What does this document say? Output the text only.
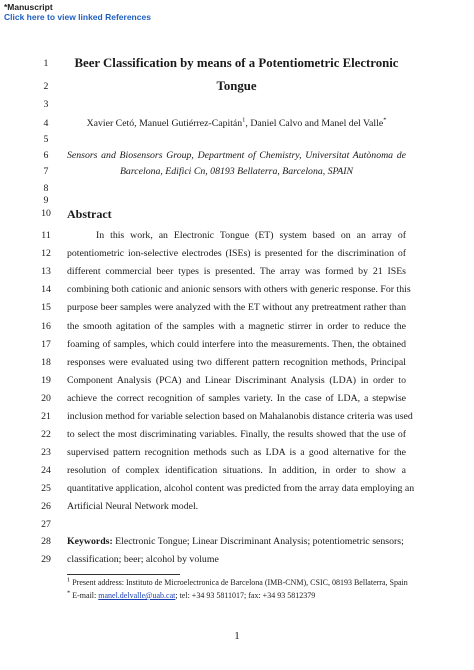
*Manuscript
Click here to view linked References
1	Beer Classification by means of a Potentiometric Electronic
2	Tongue
3
4	Xavier Cetó, Manuel Gutiérrez-Capitán$^1$, Daniel Calvo and Manel del Valle*
5
6	Sensors and Biosensors Group, Department of Chemistry, Universitat Autònoma de
7	Barcelona, Edifici Cn, 08193 Bellaterra, Barcelona, SPAIN
8
9
10	Abstract
11	In this work, an Electronic Tongue (ET) system based on an array of
12	potentiometric ion-selective electrodes (ISEs) is presented for the discrimination of
13	different commercial beer types is presented. The array was formed by 21 ISEs
14	combining both cationic and anionic sensors with others with generic response. For this
15	purpose beer samples were analyzed with the ET without any pretreatment rather than
16	the smooth agitation of the samples with a magnetic stirrer in order to reduce the
17	foaming of samples, which could interfere into the measurements. Then, the obtained
18	responses were evaluated using two different pattern recognition methods, Principal
19	Component Analysis (PCA) and Linear Discriminant Analysis (LDA) in order to
20	achieve the correct recognition of samples variety. In the case of LDA, a stepwise
21	inclusion method for variable selection based on Mahalanobis distance criteria was used
22	to select the most discriminating variables. Finally, the results showed that the use of
23	supervised pattern recognition methods such as LDA is a good alternative for the
24	resolution of complex identification situations. In addition, in order to show a
25	quantitative application, alcohol content was predicted from the array data employing an
26	Artificial Neural Network model.
27
28	Keywords: Electronic Tongue; Linear Discriminant Analysis; potentiometric sensors;
29	classification; beer; alcohol by volume
$^1$ Present address: Instituto de Microelectronica de Barcelona (IMB-CNM), CSIC, 08193 Bellaterra, Spain
* E-mail: manel.delvalle@uab.cat; tel: +34 93 5811017; fax: +34 93 5812379
1
